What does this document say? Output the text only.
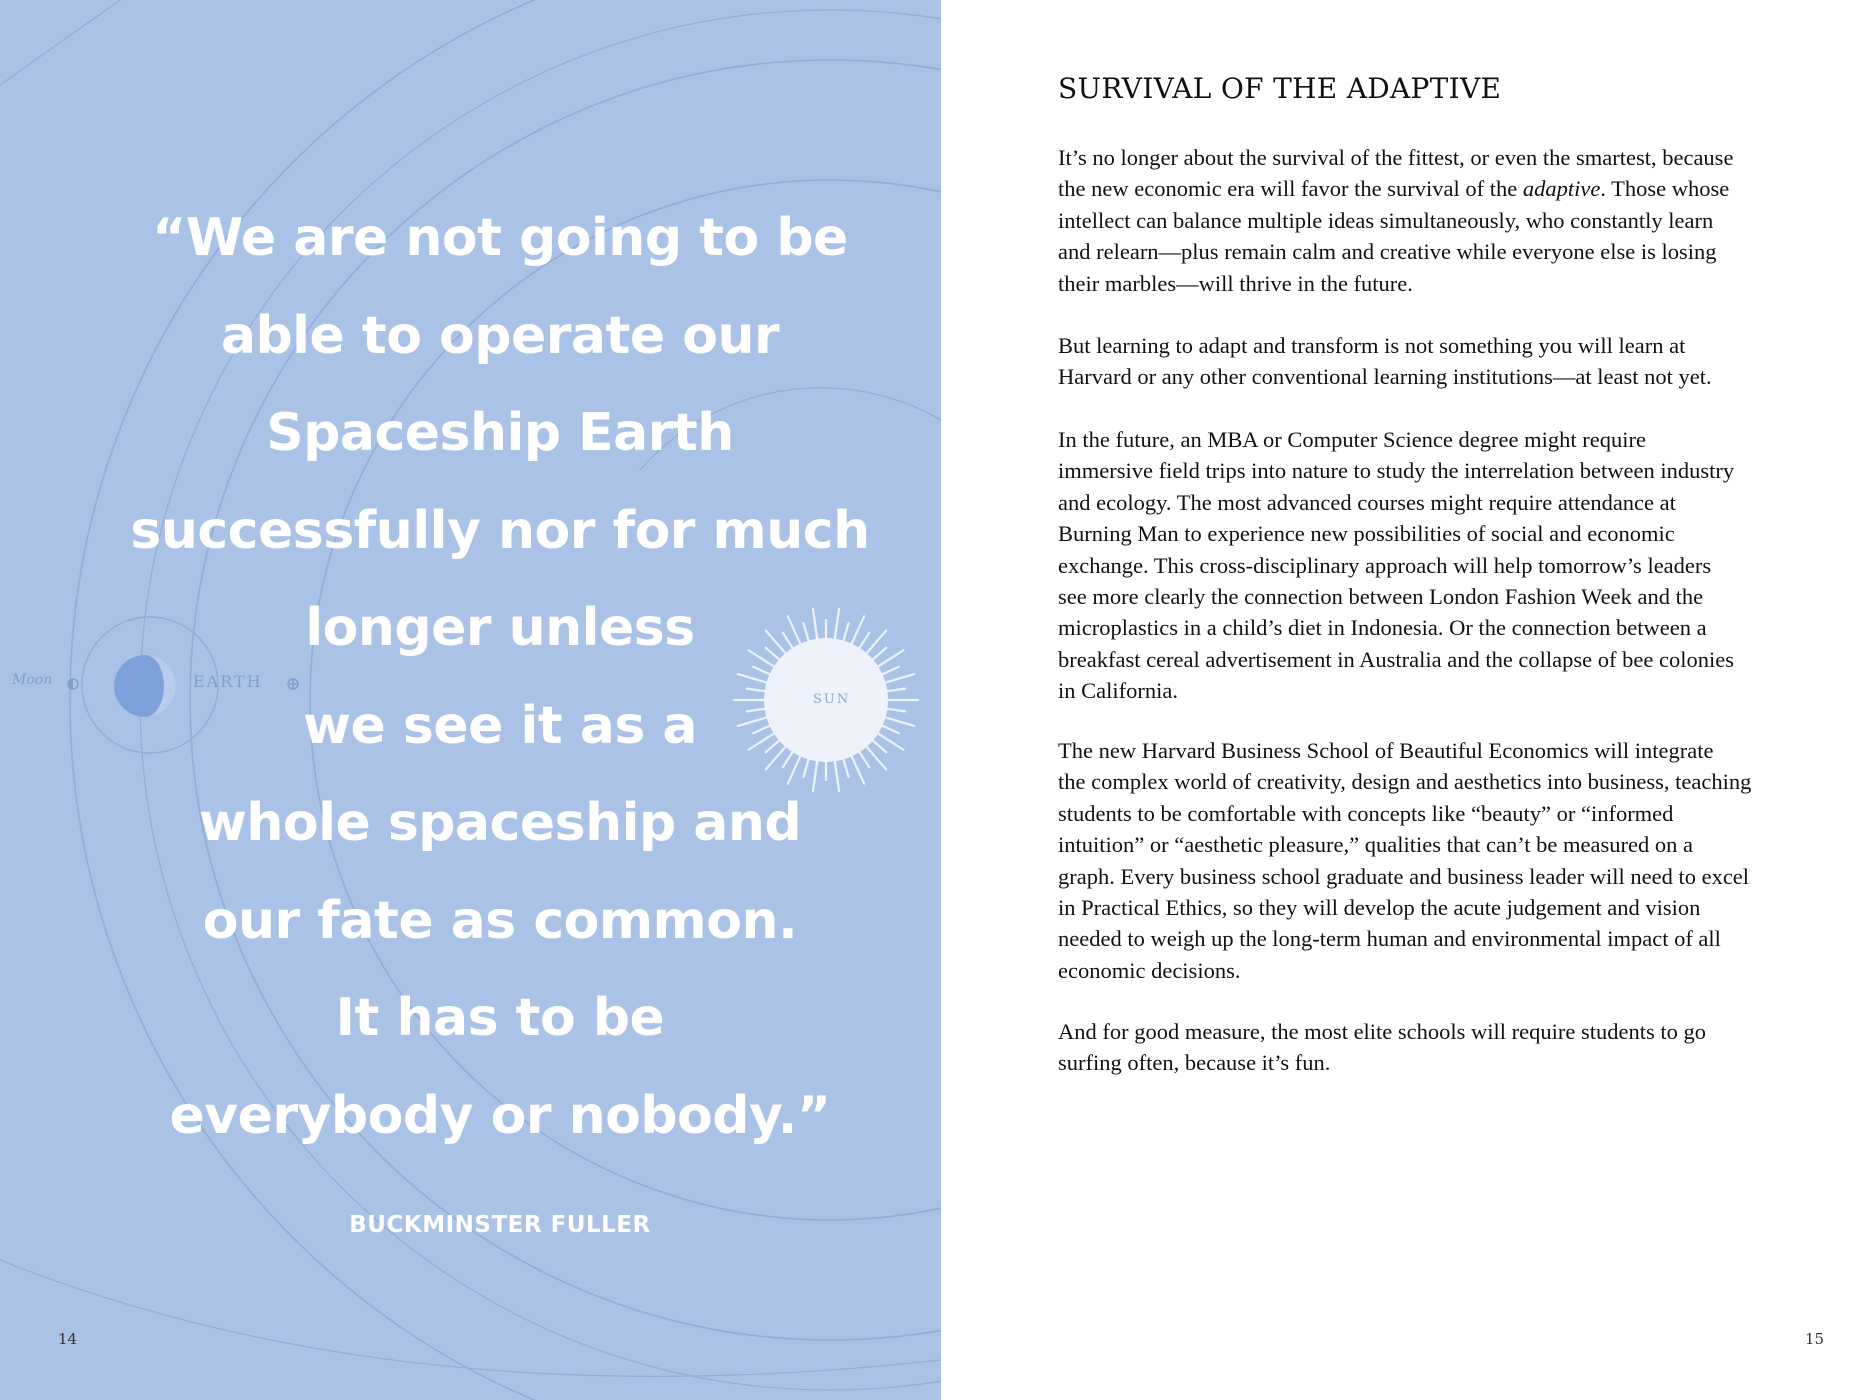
Moon	EARTH
SUN
“We are not going to be
able to operate our
Spaceship Earth
successfully nor for much
longer unless
we see it as a
whole spaceship and
our fate as common.
It has to be
everybody or nobody.”
BUCKMINSTER FULLER
14
SURVIVAL OF THE ADAPTIVE

It’s no longer about the survival of the fittest, or even the smartest, because
the new economic era will favor the survival of the adaptive. Those whose
intellect can balance multiple ideas simultaneously, who constantly learn
and relearn—plus remain calm and creative while everyone else is losing
their marbles—will thrive in the future.

But learning to adapt and transform is not something you will learn at
Harvard or any other conventional learning institutions—at least not yet.

In the future, an MBA or Computer Science degree might require
immersive field trips into nature to study the interrelation between industry
and ecology. The most advanced courses might require attendance at
Burning Man to experience new possibilities of social and economic
exchange. This cross-disciplinary approach will help tomorrow’s leaders
see more clearly the connection between London Fashion Week and the
microplastics in a child’s diet in Indonesia. Or the connection between a
breakfast cereal advertisement in Australia and the collapse of bee colonies
in California.

The new Harvard Business School of Beautiful Economics will integrate
the complex world of creativity, design and aesthetics into business, teaching
students to be comfortable with concepts like “beauty” or “informed
intuition” or “aesthetic pleasure,” qualities that can’t be measured on a
graph. Every business school graduate and business leader will need to excel
in Practical Ethics, so they will develop the acute judgement and vision
needed to weigh up the long-term human and environmental impact of all
economic decisions.

And for good measure, the most elite schools will require students to go
surfing often, because it’s fun.

15
